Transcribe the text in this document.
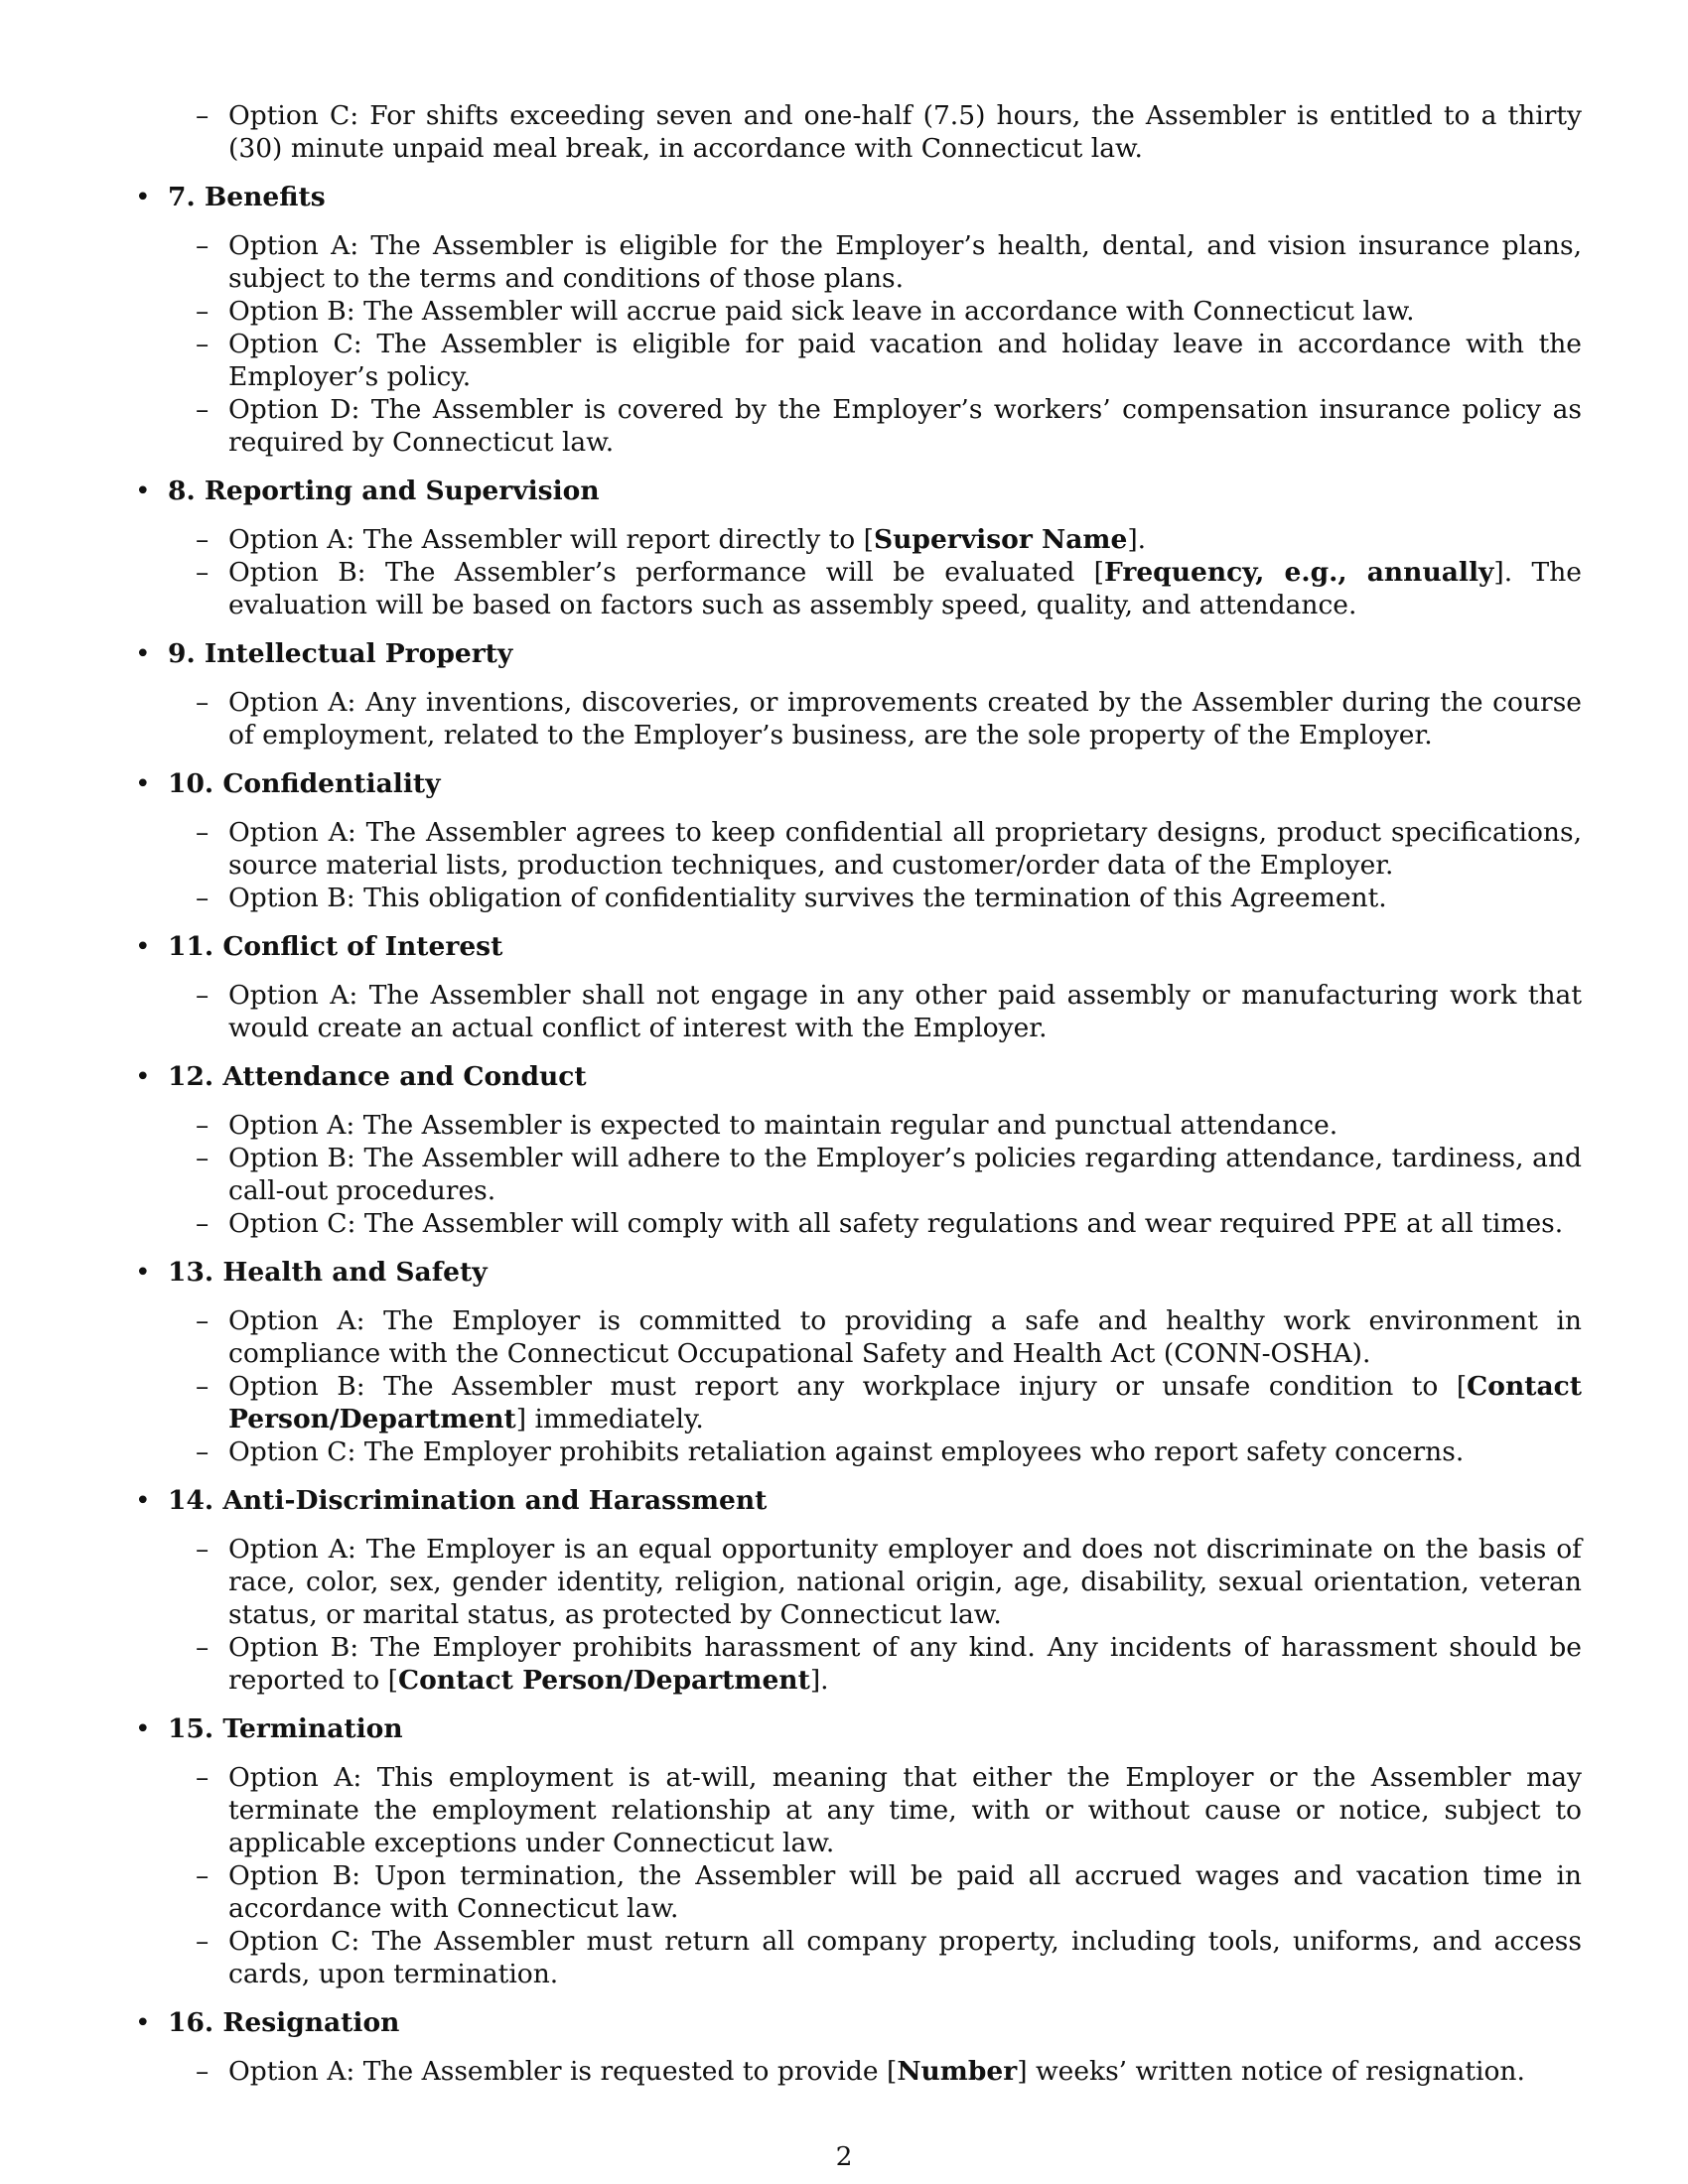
– Option C: For shifts exceeding seven and one-half (7.5) hours, the Assembler is entitled to a thirty (30) minute unpaid meal break, in accordance with Connecticut law.
• 7. Benefits
– Option A: The Assembler is eligible for the Employer’s health, dental, and vision insurance plans, subject to the terms and conditions of those plans.
– Option B: The Assembler will accrue paid sick leave in accordance with Connecticut law.
– Option C: The Assembler is eligible for paid vacation and holiday leave in accordance with the Employer’s policy.
– Option D: The Assembler is covered by the Employer’s workers’ compensation insurance policy as required by Connecticut law.
• 8. Reporting and Supervision
– Option A: The Assembler will report directly to [Supervisor Name].
– Option B: The Assembler’s performance will be evaluated [Frequency, e.g., annually]. The evaluation will be based on factors such as assembly speed, quality, and attendance.
• 9. Intellectual Property
– Option A: Any inventions, discoveries, or improvements created by the Assembler during the course of employment, related to the Employer’s business, are the sole property of the Employer.
• 10. Confidentiality
– Option A: The Assembler agrees to keep confidential all proprietary designs, product specifications, source material lists, production techniques, and customer/order data of the Employer.
– Option B: This obligation of confidentiality survives the termination of this Agreement.
• 11. Conflict of Interest
– Option A: The Assembler shall not engage in any other paid assembly or manufacturing work that would create an actual conflict of interest with the Employer.
• 12. Attendance and Conduct
– Option A: The Assembler is expected to maintain regular and punctual attendance.
– Option B: The Assembler will adhere to the Employer’s policies regarding attendance, tardiness, and call-out procedures.
– Option C: The Assembler will comply with all safety regulations and wear required PPE at all times.
• 13. Health and Safety
– Option A: The Employer is committed to providing a safe and healthy work environment in compliance with the Connecticut Occupational Safety and Health Act (CONN-OSHA).
– Option B: The Assembler must report any workplace injury or unsafe condition to [Contact Person/Department] immediately.
– Option C: The Employer prohibits retaliation against employees who report safety concerns.
• 14. Anti-Discrimination and Harassment
– Option A: The Employer is an equal opportunity employer and does not discriminate on the basis of race, color, sex, gender identity, religion, national origin, age, disability, sexual orientation, veteran status, or marital status, as protected by Connecticut law.
– Option B: The Employer prohibits harassment of any kind. Any incidents of harassment should be reported to [Contact Person/Department].
• 15. Termination
– Option A: This employment is at-will, meaning that either the Employer or the Assembler may terminate the employment relationship at any time, with or without cause or notice, subject to applicable exceptions under Connecticut law.
– Option B: Upon termination, the Assembler will be paid all accrued wages and vacation time in accordance with Connecticut law.
– Option C: The Assembler must return all company property, including tools, uniforms, and access cards, upon termination.
• 16. Resignation
– Option A: The Assembler is requested to provide [Number] weeks’ written notice of resignation.
2
